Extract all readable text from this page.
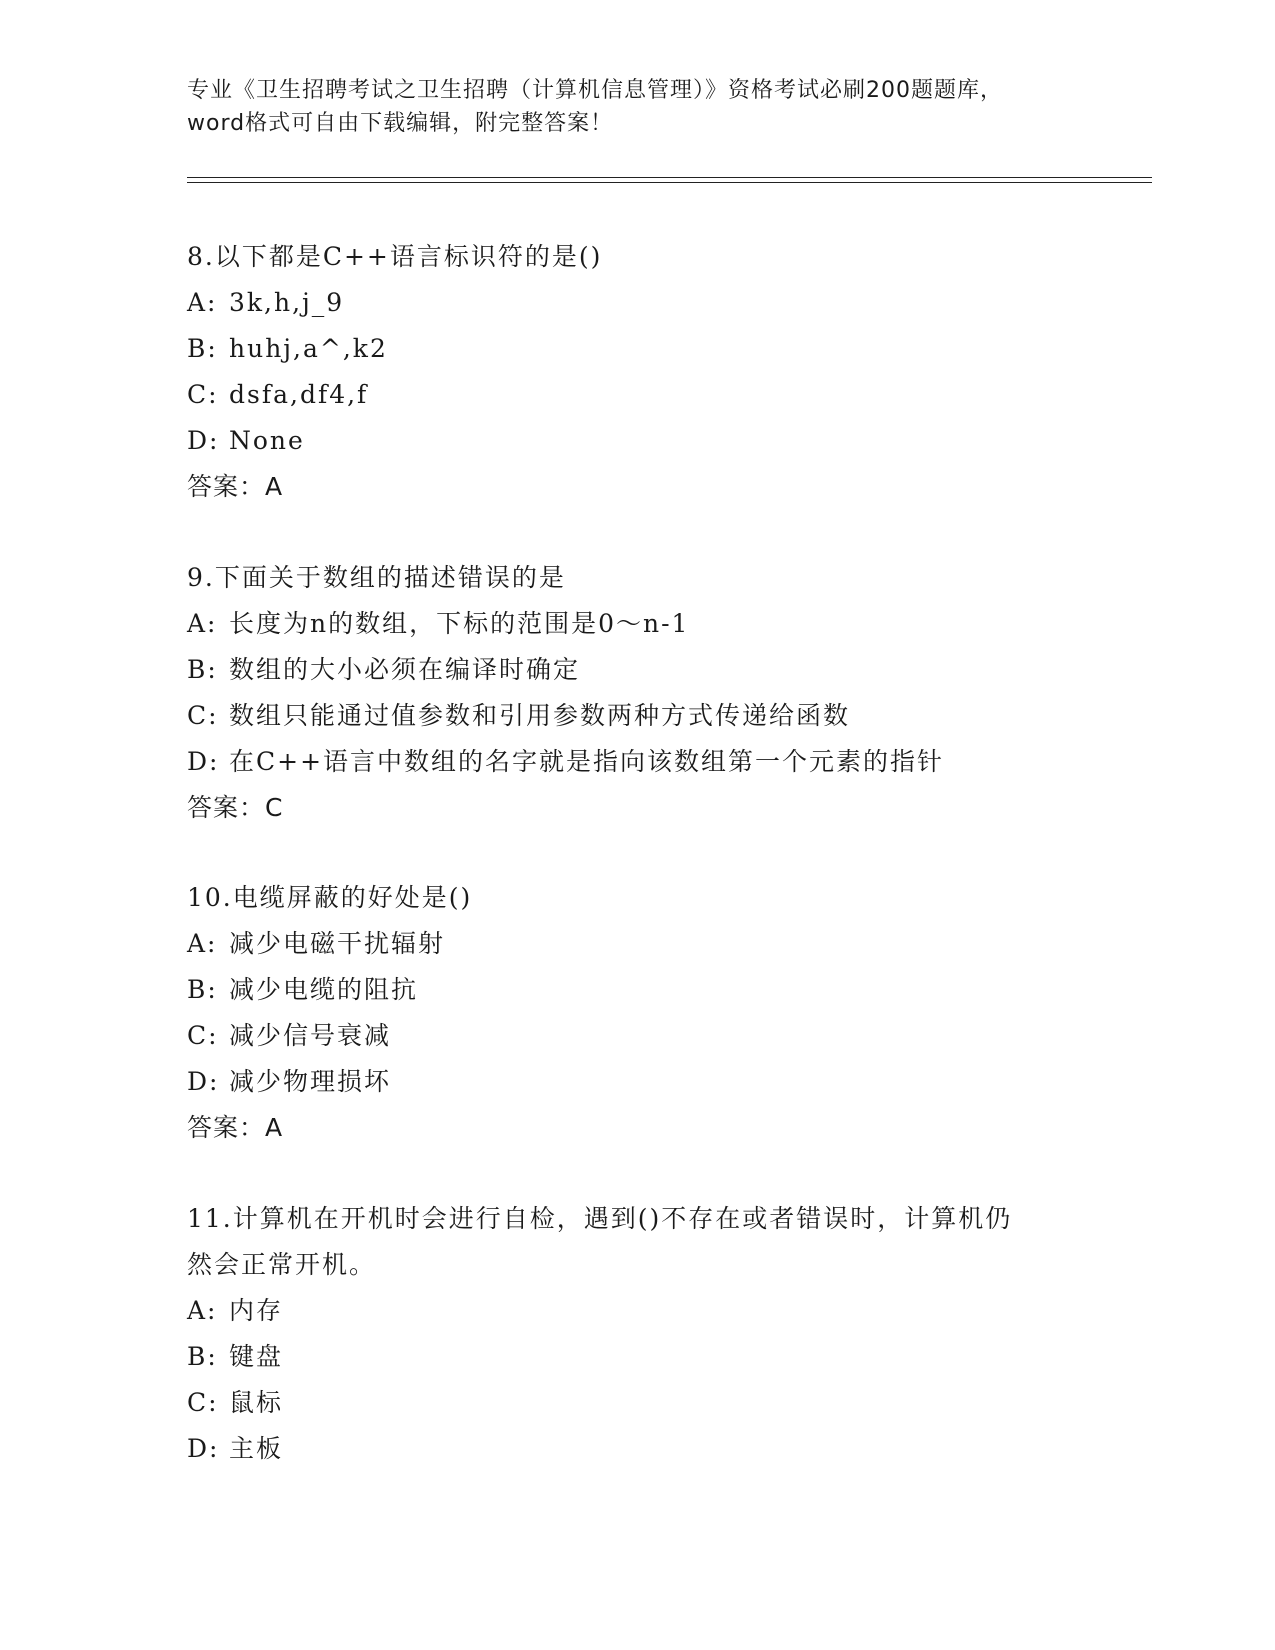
专业《卫生招聘考试之卫生招聘（计算机信息管理）》资格考试必刷200题题库，
word格式可自由下载编辑，附完整答案！
8.以下都是C++语言标识符的是()
A: 3k,h,j_9
B: huhj,a^,k2
C: dsfa,df4,f
D: None
答案：A
9.下面关于数组的描述错误的是
A: 长度为n的数组，下标的范围是0～n-1
B: 数组的大小必须在编译时确定
C: 数组只能通过值参数和引用参数两种方式传递给函数
D: 在C++语言中数组的名字就是指向该数组第一个元素的指针
答案：C
10.电缆屏蔽的好处是()
A: 减少电磁干扰辐射
B: 减少电缆的阻抗
C: 减少信号衰减
D: 减少物理损坏
答案：A
11.计算机在开机时会进行自检，遇到()不存在或者错误时，计算机仍
然会正常开机。
A: 内存
B: 键盘
C: 鼠标
D: 主板
